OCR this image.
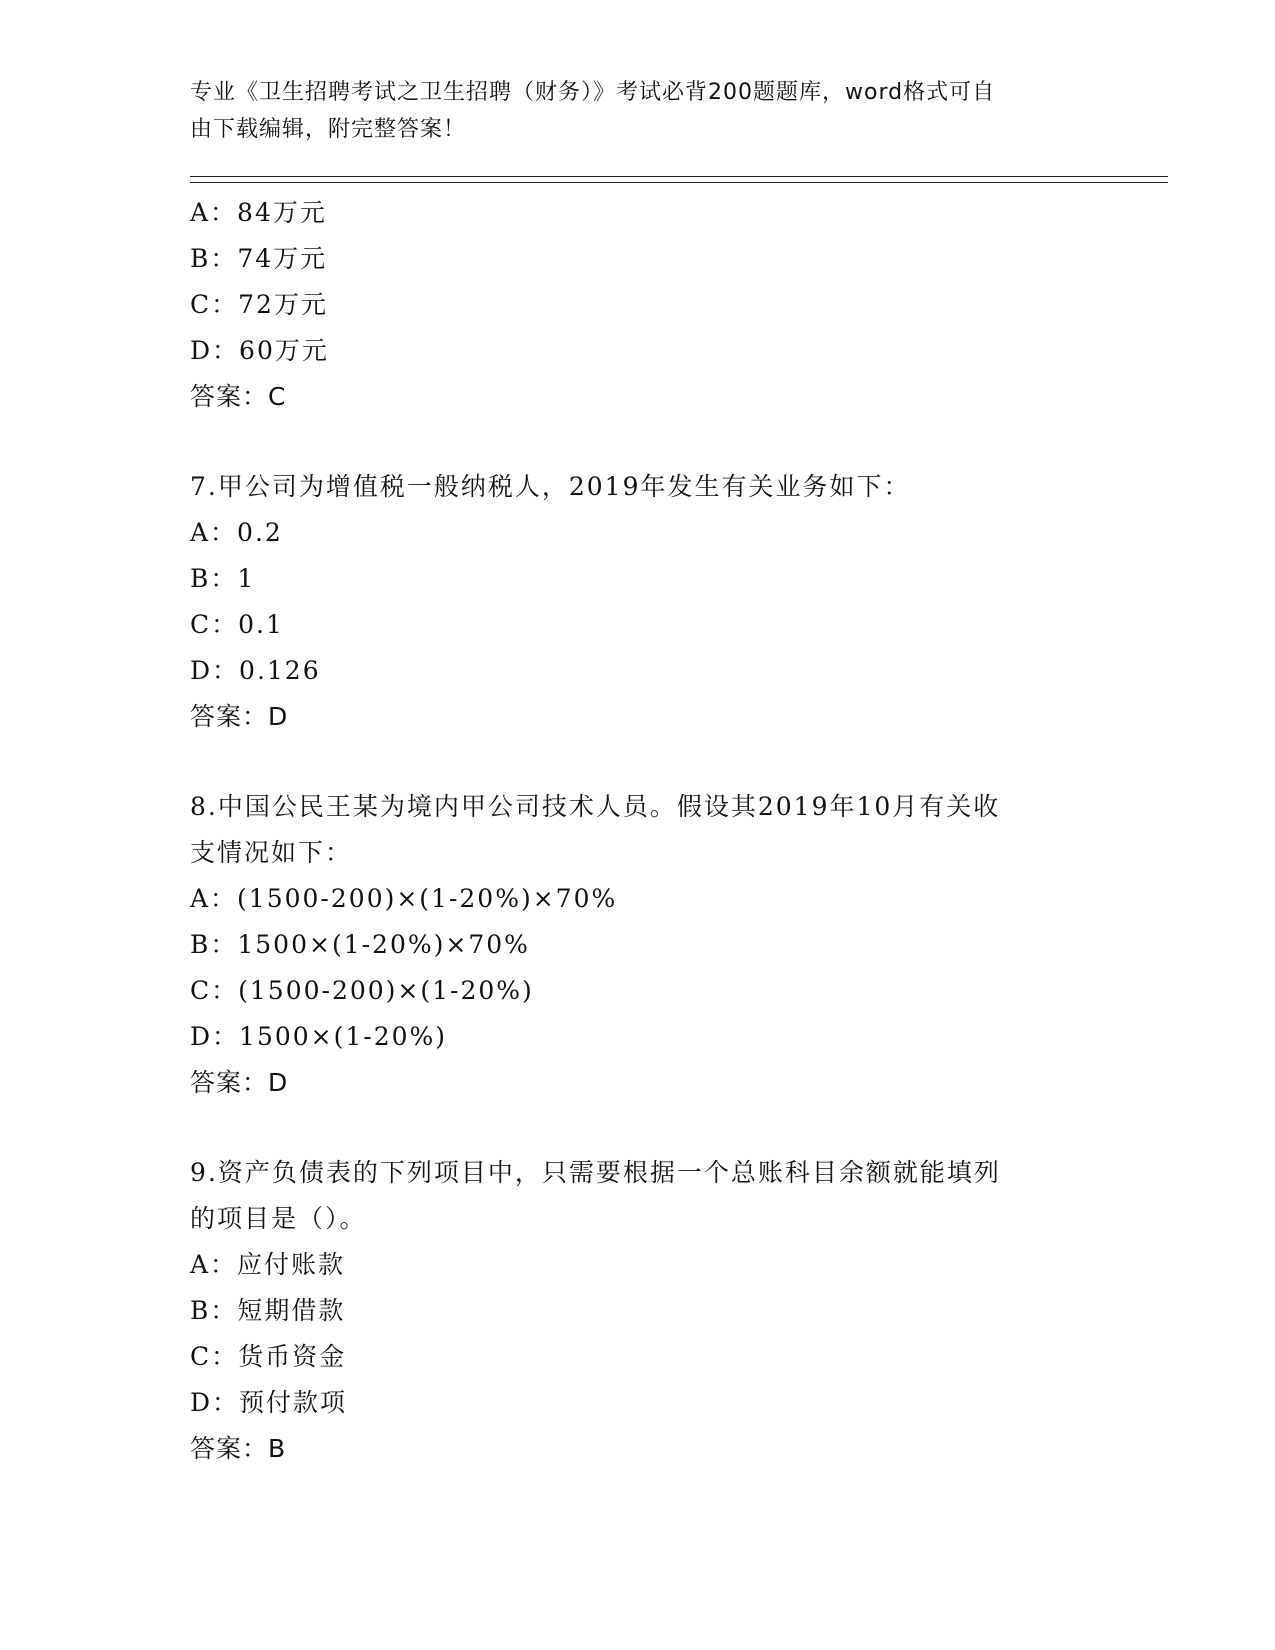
专业《卫生招聘考试之卫生招聘（财务）》考试必背200题题库，word格式可自
由下载编辑，附完整答案！
A：84万元
B：74万元
C：72万元
D：60万元
答案：C
7.甲公司为增值税一般纳税人，2019年发生有关业务如下：
A：0.2
B：1
C：0.1
D：0.126
答案：D
8.中国公民王某为境内甲公司技术人员。假设其2019年10月有关收
支情况如下：
A：(1500-200)×(1-20%)×70%
B：1500×(1-20%)×70%
C：(1500-200)×(1-20%)
D：1500×(1-20%)
答案：D
9.资产负债表的下列项目中，只需要根据一个总账科目余额就能填列
的项目是（）。
A：应付账款
B：短期借款
C：货币资金
D：预付款项
答案：B
